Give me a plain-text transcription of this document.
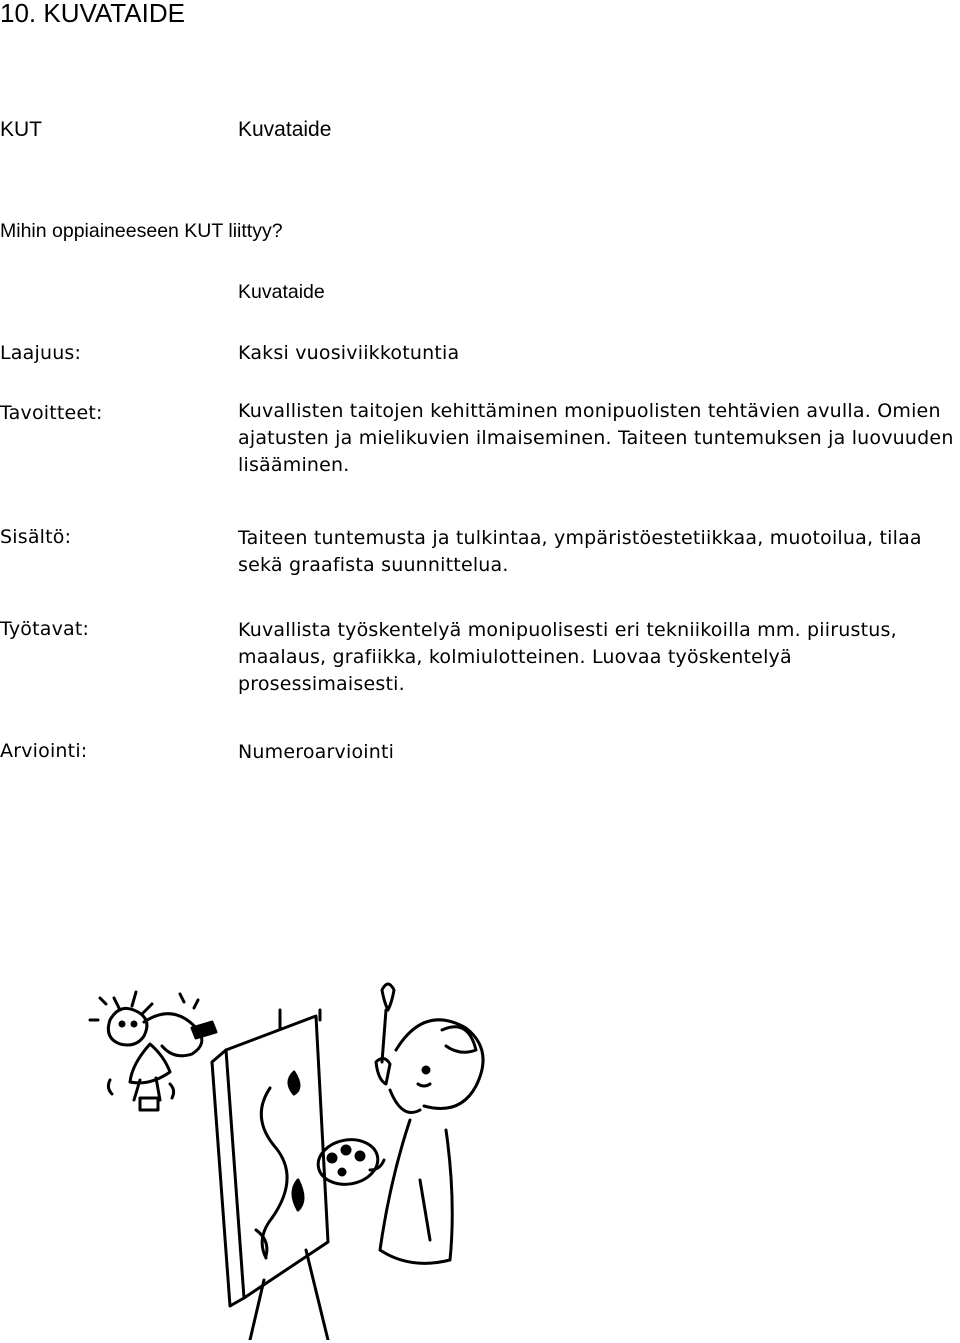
10. KUVATAIDE
KUT	Kuvataide
Mihin oppiaineeseen KUT liittyy?
Kuvataide
Laajuus:	Kaksi vuosiviikkotuntia
Tavoitteet:	Kuvallisten taitojen kehittäminen monipuolisten tehtävien avulla. Omien ajatusten ja mielikuvien ilmaiseminen. Taiteen tuntemuksen ja luovuuden lisääminen.
Sisältö:	Taiteen tuntemusta ja tulkintaa, ympäristöestetiikkaa, muotoilua, tilaa sekä graafista suunnittelua.
Työtavat:	Kuvallista työskentelyä monipuolisesti eri tekniikoilla mm. piirustus, maalaus, grafiikka, kolmiulotteinen. Luovaa työskentelyä prosessimaisesti.
Arviointi:	Numeroarviointi
